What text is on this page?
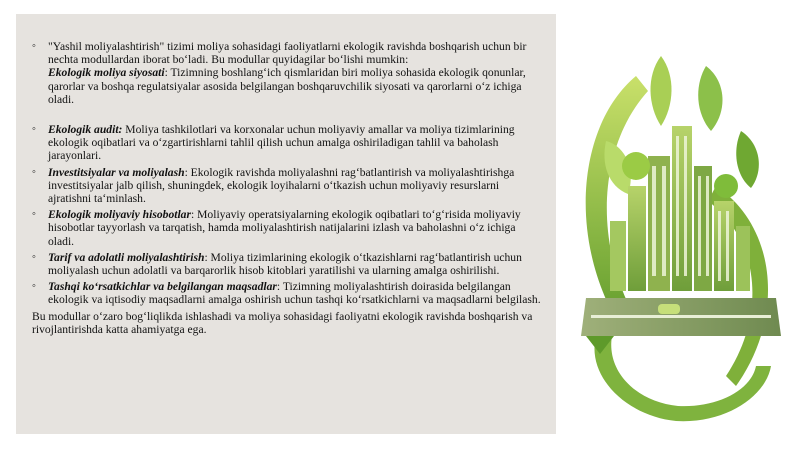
◦ "Yashil moliyalashtirish" tizimi moliya sohasidagi faoliyatlarni ekologik ravishda boshqarish uchun bir nechta modullardan iborat bo‘ladi. Bu modullar quyidagilar bo‘lishi mumkin:
Ekologik moliya siyosati: Tizimning boshlang‘ich qismlaridan biri moliya sohasida ekologik qonunlar, qarorlar va boshqa regulatsiyalar asosida belgilangan boshqaruvchilik siyosati va qarorlarni o‘z ichiga oladi.
◦ Ekologik audit: Moliya tashkilotlari va korxonalar uchun moliyaviy amallar va moliya tizimlarining ekologik oqibatlari va o‘zgartirishlarni tahlil qilish uchun amalga oshiriladigan tahlil va baholash jarayonlari.
◦ Investitsiyalar va moliyalash: Ekologik ravishda moliyalashni rag‘batlantirish va moliyalashtirishga investitsiyalar jalb qilish, shuningdek, ekologik loyihalarni o‘tkazish uchun moliyaviy resurslarni ajratishni ta‘minlash.
◦ Ekologik moliyaviy hisobotlar: Moliyaviy operatsiyalarning ekologik oqibatlari to‘g‘risida moliyaviy hisobotlar tayyorlash va tarqatish, hamda moliyalashtirish natijalarini izlash va baholashni o‘z ichiga oladi.
◦ Tarif va adolatli moliyalashtirish: Moliya tizimlarining ekologik o‘tkazishlarni rag‘batlantirish uchun moliyalash uchun adolatli va barqarorlik hisob kitoblari yaratilishi va ularning amalga oshirilishi.
◦ Tashqi ko‘rsatkichlar va belgilangan maqsadlar: Tizimning moliyalashtirish doirasida belgilangan ekologik va iqtisodiy maqsadlarni amalga oshirish uchun tashqi ko‘rsatkichlarni va maqsadlarni belgilash.
Bu modullar o‘zaro bog‘liqlikda ishlashadi va moliya sohasidagi faoliyatni ekologik ravishda boshqarish va rivojlantirishda katta ahamiyatga ega.
